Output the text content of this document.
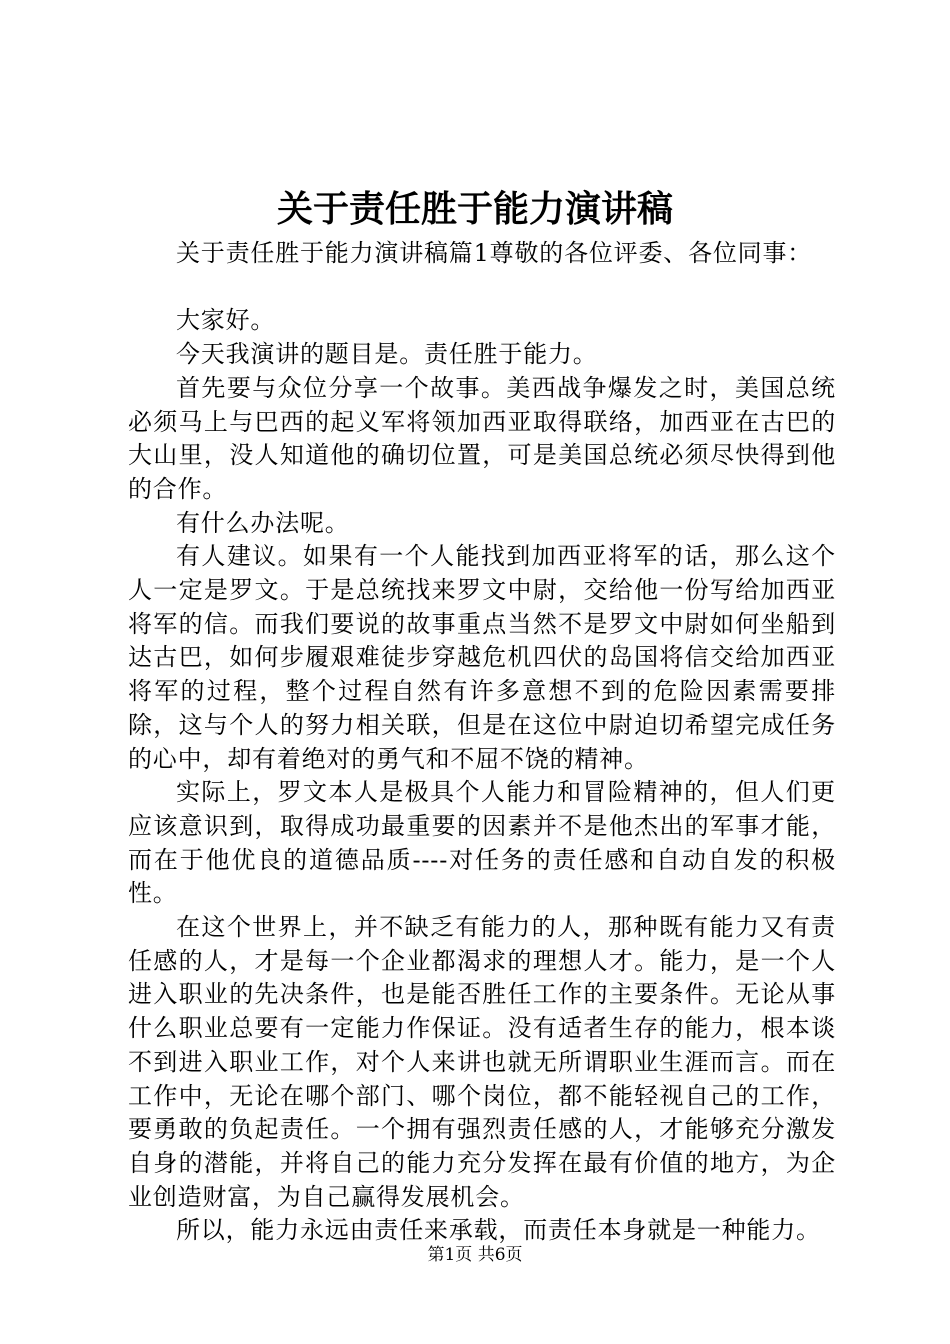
关于责任胜于能力演讲稿

关于责任胜于能力演讲稿篇1尊敬的各位评委、各位同事：

大家好。

今天我演讲的题目是。责任胜于能力。

首先要与众位分享一个故事。美西战争爆发之时，美国总统必须马上与巴西的起义军将领加西亚取得联络，加西亚在古巴的大山里，没人知道他的确切位置，可是美国总统必须尽快得到他的合作。

有什么办法呢。

有人建议。如果有一个人能找到加西亚将军的话，那么这个人一定是罗文。于是总统找来罗文中尉，交给他一份写给加西亚将军的信。而我们要说的故事重点当然不是罗文中尉如何坐船到达古巴，如何步履艰难徒步穿越危机四伏的岛国将信交给加西亚将军的过程，整个过程自然有许多意想不到的危险因素需要排除，这与个人的努力相关联，但是在这位中尉迫切希望完成任务的心中，却有着绝对的勇气和不屈不饶的精神。

实际上，罗文本人是极具个人能力和冒险精神的，但人们更应该意识到，取得成功最重要的因素并不是他杰出的军事才能，而在于他优良的道德品质----对任务的责任感和自动自发的积极性。

在这个世界上，并不缺乏有能力的人，那种既有能力又有责任感的人，才是每一个企业都渴求的理想人才。能力，是一个人进入职业的先决条件，也是能否胜任工作的主要条件。无论从事什么职业总要有一定能力作保证。没有适者生存的能力，根本谈不到进入职业工作，对个人来讲也就无所谓职业生涯而言。而在工作中，无论在哪个部门、哪个岗位，都不能轻视自己的工作，要勇敢的负起责任。一个拥有强烈责任感的人，才能够充分激发自身的潜能，并将自己的能力充分发挥在最有价值的地方，为企业创造财富，为自己赢得发展机会。

所以，能力永远由责任来承载，而责任本身就是一种能力。

第1页 共6页
